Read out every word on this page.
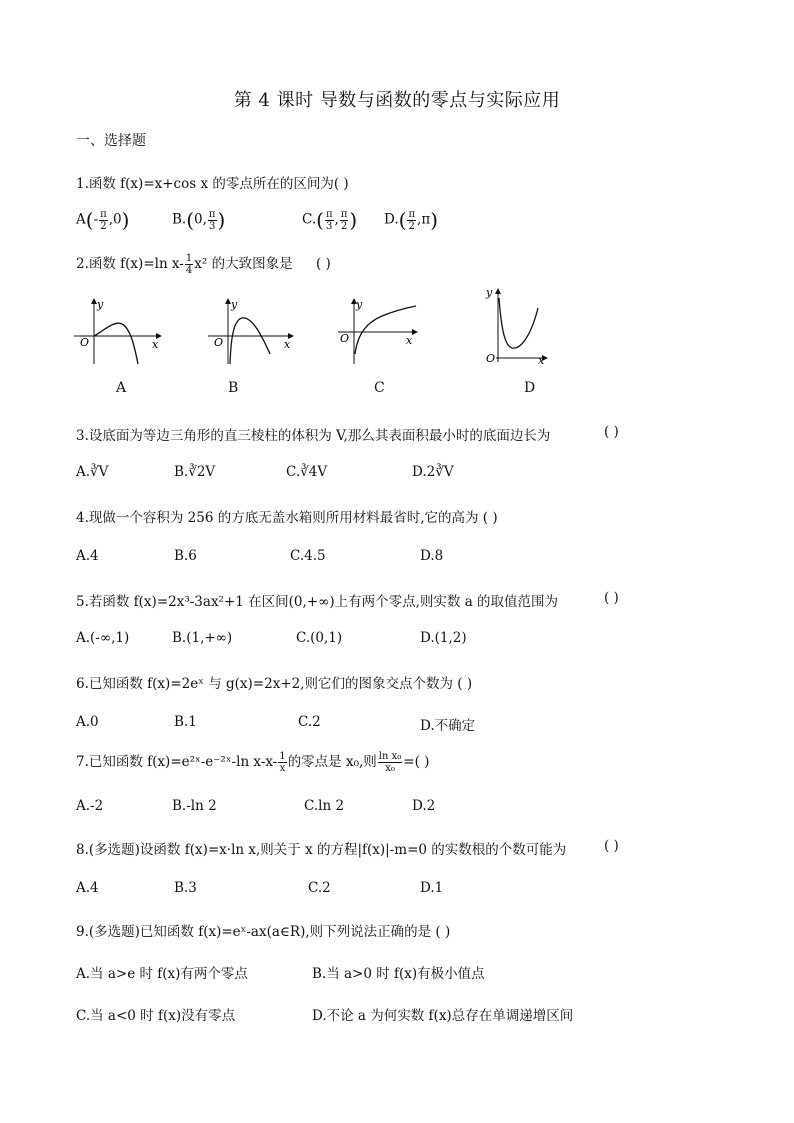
第 4 课时 导数与函数的零点与实际应用
一、选择题
1.函数 f(x)=x+cos x 的零点所在的区间为( )
$A(- \frac{\pi}{2} ,0)$	B.(0, $\frac{\pi}{3}$ )	$C.( \frac{\pi}{3}$ , $\frac{\pi}{2}$ ) $D.( \frac{\pi}{2} ,\pi)$
2.函数 f(x)=ln $x- \frac{1}{4} x^2$ 的大致图象是 ( )
y
x
O
A
y
x
O
B
y
x
O
C
y
x
O
D
3.设底面为等边三角形的直三棱柱的体积为 V,那么其表面积最小时的底面边长为	( )
A.∛V	B.∛2V	C.∛4V	D.2∛V
4.现做一个容积为 256 的方底无盖水箱则所用材料最省时,它的高为 ( )
A.4	B.6	C.4.5	D.8
5.若函数 f(x)=2x³-3ax²+1 在区间(0,+∞)上有两个零点,则实数 a 的取值范围为	( )
A.(-∞,1)	B.(1,+∞)	C.(0,1)	D.(1,2)
6.已知函数 f(x)=2eˣ 与 g(x)=2x+2,则它们的图象交点个数为 ( )
A.0	B.1	C.2	D.不确定
7.已知函数 f(x)=e²ˣ-e⁻²ˣ-ln $x-x- \frac{1}{x}$ 的零点是 x₀,则 $\frac{\text{ln x₀}}{\text{x₀}}$ =( )
A.-2	B.-ln 2	C.ln 2	D.2
8.(多选题)设函数 f(x)=x·ln x,则关于 x 的方程|f(x)|-m=0 的实数根的个数可能为	( )
A.4	B.3	C.2	D.1
9.(多选题)已知函数 f(x)=eˣ-ax(a∈R),则下列说法正确的是 ( )
A.当 a>e 时 f(x)有两个零点	B.当 a>0 时 f(x)有极小值点
C.当 a<0 时 f(x)没有零点	D.不论 a 为何实数 f(x)总存在单调递增区间
